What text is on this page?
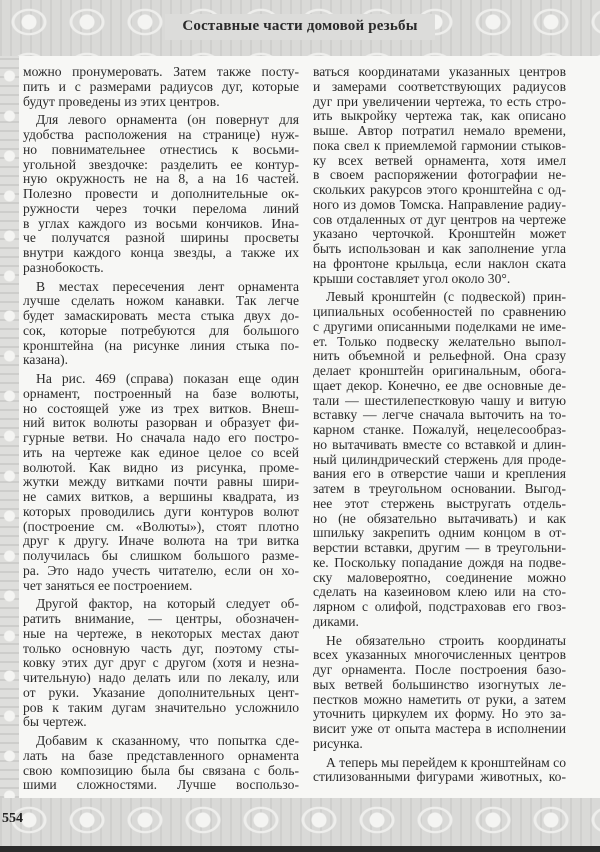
Составные части домовой резьбы
можно пронумеровать. Затем также посту-
пить и с размерами радиусов дуг, которые
будут проведены из этих центров.
Для левого орнамента (он повернут для
удобства расположения на странице) нуж-
но повнимательнее отнестись к восьми-
угольной звездочке: разделить ее контур-
ную окружность не на 8, а на 16 частей.
Полезно провести и дополнительные ок-
ружности через точки перелома линий
в углах каждого из восьми кончиков. Ина-
че получатся разной ширины просветы
внутри каждого конца звезды, а также их
разнобокость.
В местах пересечения лент орнамента
лучше сделать ножом канавки. Так легче
будет замаскировать места стыка двух до-
сок, которые потребуются для большого
кронштейна (на рисунке линия стыка по-
казана).
На рис. 469 (справа) показан еще один
орнамент, построенный на базе волюты,
но состоящей уже из трех витков. Внеш-
ний виток волюты разорван и образует фи-
гурные ветви. Но сначала надо его постро-
ить на чертеже как единое целое со всей
волютой. Как видно из рисунка, проме-
жутки между витками почти равны шири-
не самих витков, а вершины квадрата, из
которых проводились дуги контуров волют
(построение см. «Волюты»), стоят плотно
друг к другу. Иначе волюта на три витка
получилась бы слишком большого разме-
ра. Это надо учесть читателю, если он хо-
чет заняться ее построением.
Другой фактор, на который следует об-
ратить внимание, — центры, обозначен-
ные на чертеже, в некоторых местах дают
только основную часть дуг, поэтому сты-
ковку этих дуг друг с другом (хотя и незна-
чительную) надо делать или по лекалу, или
от руки. Указание дополнительных цент-
ров к таким дугам значительно усложнило
бы чертеж.
Добавим к сказанному, что попытка сде-
лать на базе представленного орнамента
свою композицию была бы связана с боль-
шими сложностями. Лучше воспользо-
ваться координатами указанных центров
и замерами соответствующих радиусов
дуг при увеличении чертежа, то есть стро-
ить выкройку чертежа так, как описано
выше. Автор потратил немало времени,
пока свел к приемлемой гармонии стыков-
ку всех ветвей орнамента, хотя имел
в своем распоряжении фотографии не-
скольких ракурсов этого кронштейна с од-
ного из домов Томска. Направление радиу-
сов отдаленных от дуг центров на чертеже
указано черточкой. Кронштейн может
быть использован и как заполнение угла
на фронтоне крыльца, если наклон ската
крыши составляет угол около 30°.
Левый кронштейн (с подвеской) прин-
ципиальных особенностей по сравнению
с другими описанными поделками не име-
ет. Только подвеску желательно выпол-
нить объемной и рельефной. Она сразу
делает кронштейн оригинальным, обога-
щает декор. Конечно, ее две основные де-
тали — шестилепестковую чашу и витую
вставку — легче сначала выточить на то-
карном станке. Пожалуй, нецелесообраз-
но вытачивать вместе со вставкой и длин-
ный цилиндрический стержень для проде-
вания его в отверстие чаши и крепления
затем в треугольном основании. Выгод-
нее этот стержень выстругать отдель-
но (не обязательно вытачивать) и как
шпильку закрепить одним концом в от-
верстии вставки, другим — в треугольни-
ке. Поскольку попадание дождя на подве-
ску маловероятно, соединение можно
сделать на казеиновом клею или на сто-
лярном с олифой, подстраховав его гвоз-
диками.
Не обязательно строить координаты
всех указанных многочисленных центров
дуг орнамента. После построения базо-
вых ветвей большинство изогнутых ле-
пестков можно наметить от руки, а затем
уточнить циркулем их форму. Но это за-
висит уже от опыта мастера в исполнении
рисунка.
А теперь мы перейдем к кронштейнам со
стилизованными фигурами животных, ко-
554
